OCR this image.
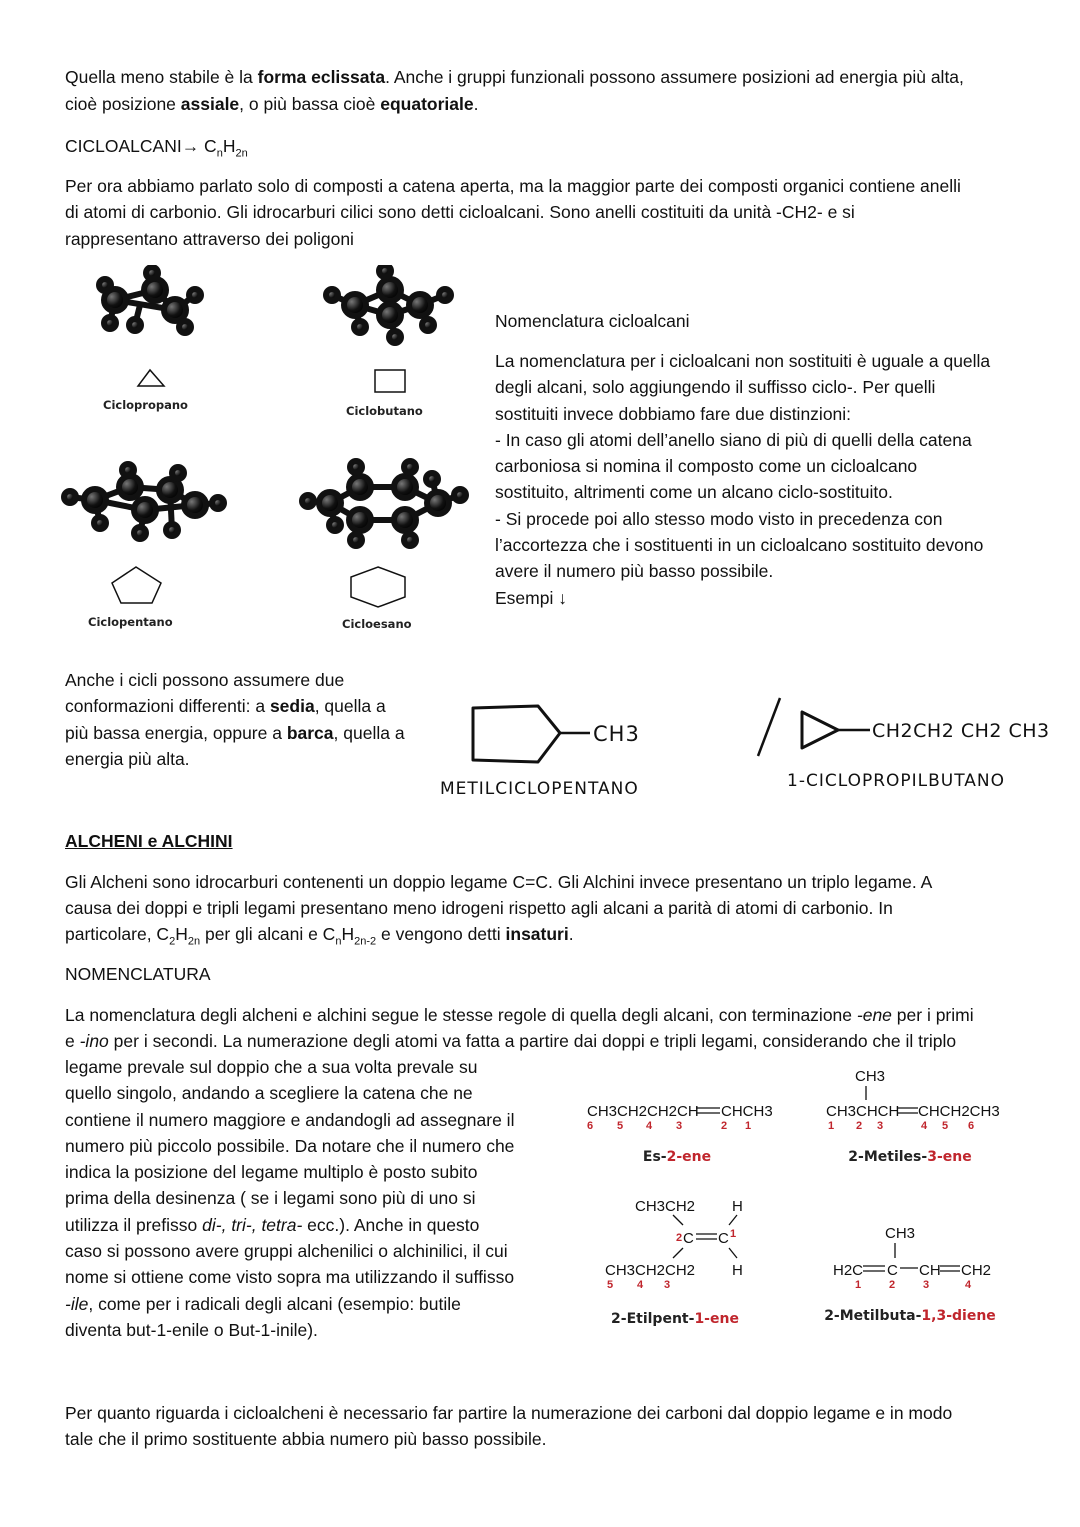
Quella meno stabile è la forma eclissata. Anche i gruppi funzionali possono assumere posizioni ad energia più alta,

cioè posizione assiale, o più bassa cioè equatoriale.

CICLOALCANI→ $C_nH_{2n}$

Per ora abbiamo parlato solo di composti a catena aperta, ma la maggior parte dei composti organici contiene anelli

di atomi di carbonio. Gli idrocarburi cilici sono detti cicloalcani. Sono anelli costituiti da unità -CH2- e si

rappresentano attraverso dei poligoni

Ciclopropano	Ciclobutano
Ciclopentano	Cicloesano

Nomenclatura cicloalcani

La nomenclatura per i cicloalcani non sostituiti è uguale a quella
degli alcani, solo aggiungendo il suffisso ciclo-. Per quelli
sostituiti invece dobbiamo fare due distinzioni:
- In caso gli atomi dell’anello siano di più di quelli della catena
carboniosa si nomina il composto come un cicloalcano
sostituito, altrimenti come un alcano ciclo-sostituito.
- Si procede poi allo stesso modo visto in precedenza con
l’accortezza che i sostituenti in un cicloalcano sostituito devono
avere il numero più basso possibile.
Esempi ↓
Anche i cicli possono assumere due
conformazioni differenti: a sedia, quella a
più bassa energia, oppure a barca, quella a
energia più alta.
CH3
METILCICLOPENTANO
CH2CH2 CH2 CH3
1-CICLOPROPILBUTANO

ALCHENI e ALCHINI

Gli Alcheni sono idrocarburi contenenti un doppio legame C=C. Gli Alchini invece presentano un triplo legame. A

causa dei doppi e tripli legami presentano meno idrogeni rispetto agli alcani a parità di atomi di carbonio. In

particolare, $C_2H_{2n}$ per gli alcani e $C_nH_{2n-2}$ e vengono detti insaturi.

NOMENCLATURA

La nomenclatura degli alcheni e alchini segue le stesse regole di quella degli alcani, con terminazione -ene per i primi

e -ino per i secondi. La numerazione degli atomi va fatta a partire dai doppi e tripli legami, considerando che il triplo

legame prevale sul doppio che a sua volta prevale su
quello singolo, andando a scegliere la catena che ne
contiene il numero maggiore e andandogli ad assegnare il
numero più piccolo possibile. Da notare che il numero che
indica la posizione del legame multiplo è posto subito
prima della desinenza ( se i legami sono più di uno si
utilizza il prefisso di-, tri-, tetra- ecc.). Anche in questo
caso si possono avere gruppi alchenilici o alchinilici, il cui
nome si ottiene come visto sopra ma utilizzando il suffisso
-ile, come per i radicali degli alcani (esempio: butile
diventa but-1-enile o But-1-inile).
CH3CH2CH2CH CHCH3
6 5 4 3	2 1
CH3
CH3CHCH CHCH2CH3
1 2 3	4 5 6
CH3CH2 H
2 C C 1
CH3CH2CH2 H
5 4 3
CH3
H2C C CH CH2
1	2	3	4
Es-2-ene	2-Metiles-3-ene
2-Etilpent-1-ene	2-Metilbuta-1,3-diene

Per quanto riguarda i cicloalcheni è necessario far partire la numerazione dei carboni dal doppio legame e in modo

tale che il primo sostituente abbia numero più basso possibile.
